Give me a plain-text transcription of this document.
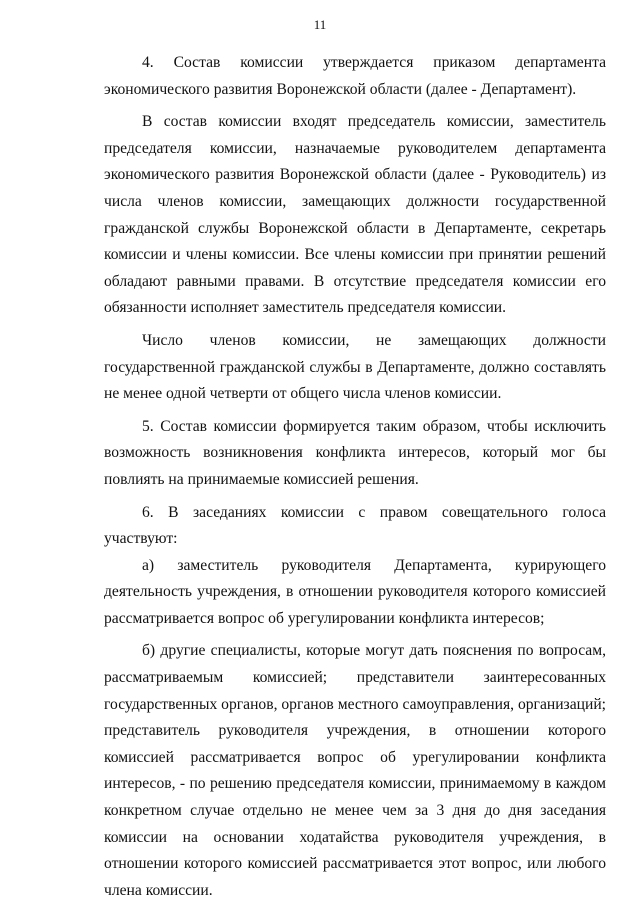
11

4. Состав комиссии утверждается приказом департамента экономического развития Воронежской области (далее - Департамент).

В состав комиссии входят председатель комиссии, заместитель председателя комиссии, назначаемые руководителем департамента экономического развития Воронежской области (далее - Руководитель) из числа членов комиссии, замещающих должности государственной гражданской службы Воронежской области в Департаменте, секретарь комиссии и члены комиссии. Все члены комиссии при принятии решений обладают равными правами. В отсутствие председателя комиссии его обязанности исполняет заместитель председателя комиссии.

Число членов комиссии, не замещающих должности государственной гражданской службы в Департаменте, должно составлять не менее одной четверти от общего числа членов комиссии.

5. Состав комиссии формируется таким образом, чтобы исключить возможность возникновения конфликта интересов, который мог бы повлиять на принимаемые комиссией решения.

6. В заседаниях комиссии с правом совещательного голоса участвуют:

а) заместитель руководителя Департамента, курирующего деятельность учреждения, в отношении руководителя которого комиссией рассматривается вопрос об урегулировании конфликта интересов;

б) другие специалисты, которые могут дать пояснения по вопросам, рассматриваемым комиссией; представители заинтересованных государственных органов, органов местного самоуправления, организаций; представитель руководителя учреждения, в отношении которого комиссией рассматривается вопрос об урегулировании конфликта интересов, - по решению председателя комиссии, принимаемому в каждом конкретном случае отдельно не менее чем за 3 дня до дня заседания комиссии на основании ходатайства руководителя учреждения, в отношении которого комиссией рассматривается этот вопрос, или любого члена комиссии.
